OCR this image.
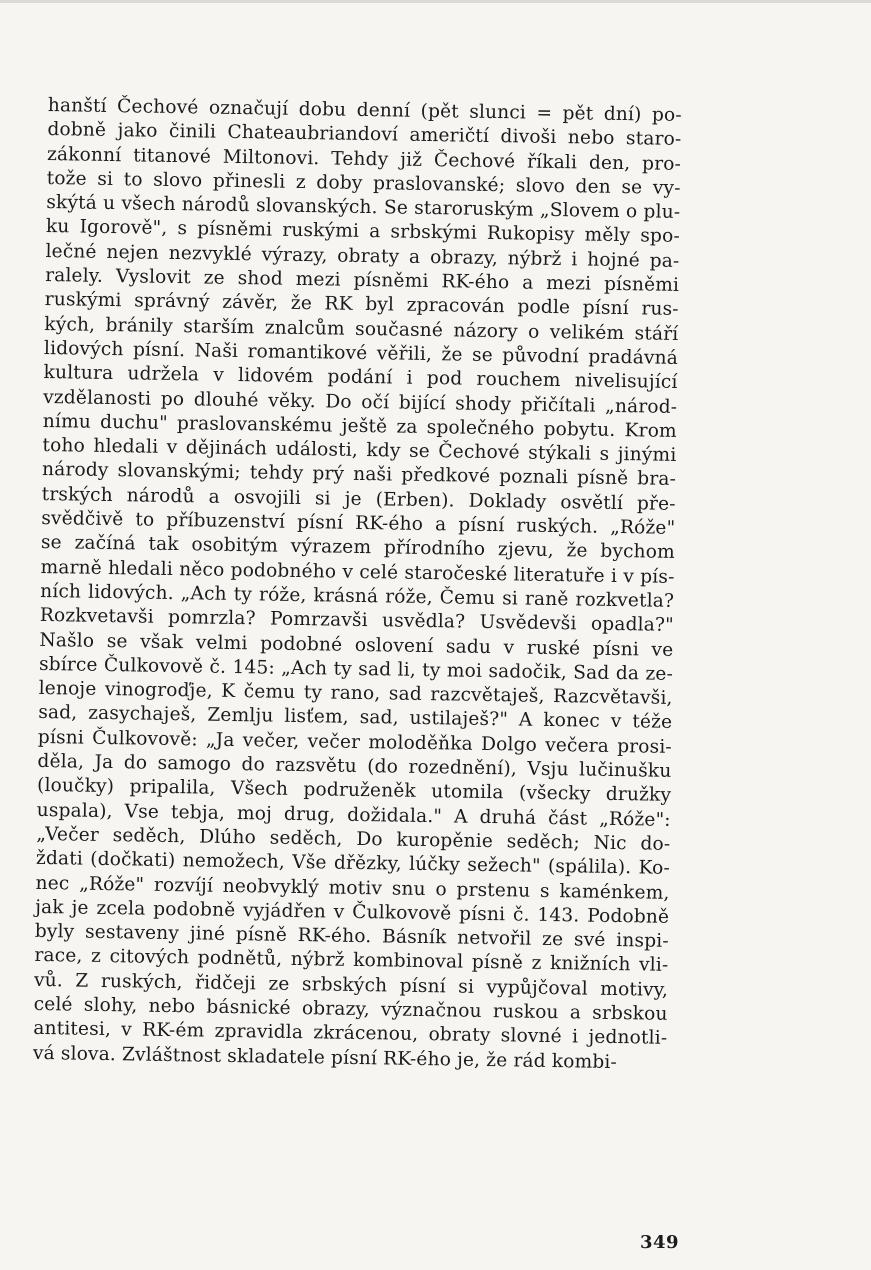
hanští Čechové označují dobu denní (pět slunci = pět dní) po-
dobně jako činili Chateaubriandoví američtí divoši nebo staro-
zákonní titanové Miltonovi. Tehdy již Čechové říkali den, pro-
tože si to slovo přinesli z doby praslovanské; slovo den se vy-
skýtá u všech národů slovanských. Se staroruským „Slovem o plu-
ku Igorově", s písněmi ruskými a srbskými Rukopisy měly spo-
lečné nejen nezvyklé výrazy, obraty a obrazy, nýbrž i hojné pa-
ralely. Vyslovit ze shod mezi písněmi RK-ého a mezi písněmi
ruskými správný závěr, že RK byl zpracován podle písní rus-
kých, bránily starším znalcům současné názory o velikém stáří
lidových písní. Naši romantikové věřili, že se původní pradávná
kultura udržela v lidovém podání i pod rouchem nivelisující
vzdělanosti po dlouhé věky. Do očí bijící shody přičítali „národ-
nímu duchu" praslovanskému ještě za společného pobytu. Krom
toho hledali v dějinách události, kdy se Čechové stýkali s jinými
národy slovanskými; tehdy prý naši předkové poznali písně bra-
trských národů a osvojili si je (Erben). Doklady osvětlí pře-
svědčivě to příbuzenství písní RK-ého a písní ruských. „Róže"
se začíná tak osobitým výrazem přírodního zjevu, že bychom
marně hledali něco podobného v celé staročeské literatuře i v pís-
ních lidových. „Ach ty róže, krásná róže, Čemu si raně rozkvetla?
Rozkvetavši pomrzla? Pomrzavši usvědla? Usvědevši opadla?"
Našlo se však velmi podobné oslovení sadu v ruské písni ve
sbírce Čulkovově č. 145: „Ach ty sad li, ty moi sadočik, Sad da ze-
lenoje vinogroďje, K čemu ty rano, sad razcvětaješ, Razcvětavši,
sad, zasychaješ, Zemlju lisťem, sad, ustilaješ?" A konec v téže
písni Čulkovově: „Ja večer, večer moloděňka Dolgo večera prosi-
děla, Ja do samogo do razsvětu (do rozednění), Vsju lučinušku
(loučky) pripalila, Všech podruženěk utomila (všecky družky
uspala), Vse tebja, moj drug, dožidala." A druhá část „Róže":
„Večer seděch, Dlúho seděch, Do kuropěnie seděch; Nic do-
ždati (dočkati) nemožech, Vše dřězky, lúčky sežech" (spálila). Ko-
nec „Róže" rozvíjí neobvyklý motiv snu o prstenu s kaménkem,
jak je zcela podobně vyjádřen v Čulkovově písni č. 143. Podobně
byly sestaveny jiné písně RK-ého. Básník netvořil ze své inspi-
race, z citových podnětů, nýbrž kombinoval písně z knižních vli-
vů. Z ruských, řidčeji ze srbských písní si vypůjčoval motivy,
celé slohy, nebo básnické obrazy, význačnou ruskou a srbskou
antitesi, v RK-ém zpravidla zkrácenou, obraty slovné i jednotli-
vá slova. Zvláštnost skladatele písní RK-ého je, že rád kombi-
349
